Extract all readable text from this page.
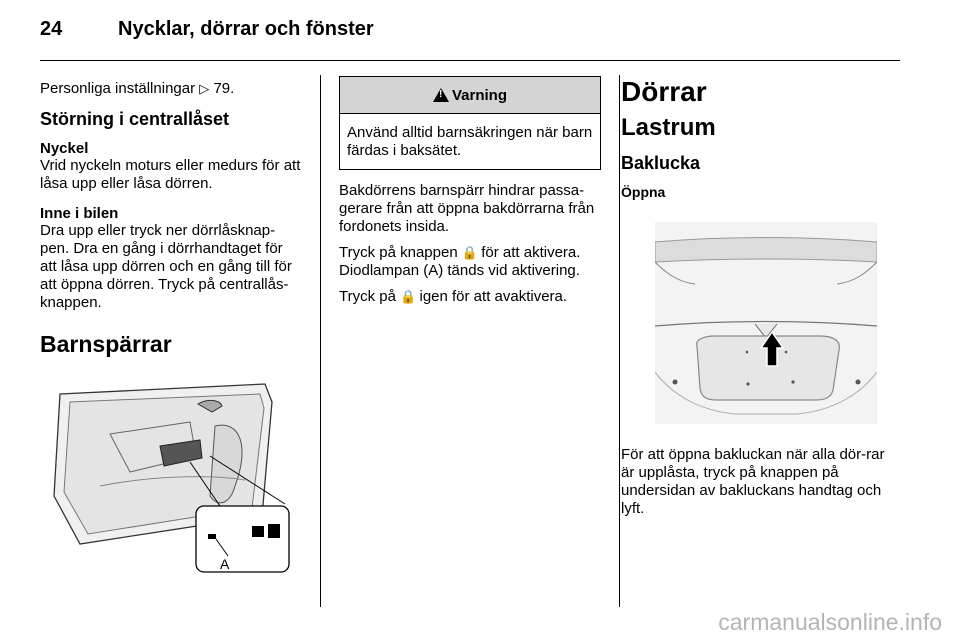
24	Nycklar, dörrar och fönster

Personliga inställningar ▷ 79.

Störning i centrallåset
Nyckel

Vrid nyckeln moturs eller medurs för att låsa upp eller låsa dörren.

Inne i bilen

Dra upp eller tryck ner dörrlåsknap-pen. Dra en gång i dörrhandtaget för att låsa upp dörren och en gång till för att öppna dörren. Tryck på centrallås-knappen.

Barnspärrar
A
!
Varning
Använd alltid barnsäkringen när barn färdas i baksätet.

Bakdörrens barnspärr hindrar passa-gerare från att öppna bakdörrarna från fordonets insida.

Tryck på knappen 🔒 för att aktivera. Diodlampan (A) tänds vid aktivering.

Tryck på 🔒 igen för att avaktivera.

Dörrar
Lastrum
Baklucka
Öppna

För att öppna bakluckan när alla dör-rar är upplåsta, tryck på knappen på undersidan av bakluckans handtag och lyft.

carmanualsonline.info
